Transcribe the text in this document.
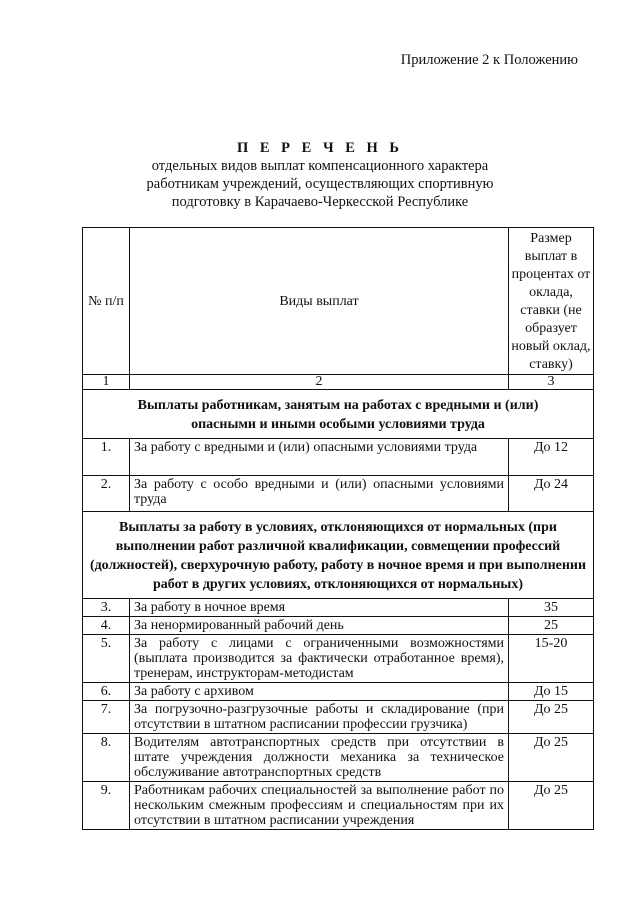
Приложение 2 к Положению
П Е Р Е Ч Е Н Ь
отдельных видов выплат компенсационного характера
работникам учреждений, осуществляющих спортивную
подготовку в Карачаево-Черкесской Республике
№ п/п	Виды выплат	Размер выплат в процентах от оклада, ставки (не образует новый оклад, ставку)
1	2	3
Выплаты работникам, занятым на работах с вредными и (или) опасными и иными особыми условиями труда		
1.	За работу с вредными и (или) опасными условиями труда	До 12
2.	За работу с особо вредными и (или) опасными условиями труда	До 24
Выплаты за работу в условиях, отклоняющихся от нормальных (при выполнении работ различной квалификации, совмещении профессий (должностей), сверхурочную работу, работу в ночное время и при выполнении работ в других условиях, отклоняющихся от нормальных)		
3.	За работу в ночное время	35
4.	За ненормированный рабочий день	25
5.	За работу с лицами с ограниченными возможностями (выплата производится за фактически отработанное время), тренерам, инструкторам-методистам	15-20
6.	За работу с архивом	До 15
7.	За погрузочно-разгрузочные работы и складирование (при отсутствии в штатном расписании профессии грузчика)	До 25
8.	Водителям автотранспортных средств при отсутствии в штате учреждения должности механика за техническое обслуживание автотранспортных средств	До 25
9.	Работникам рабочих специальностей за выполнение работ по нескольким смежным профессиям и специальностям при их отсутствии в штатном расписании учреждения	До 25
